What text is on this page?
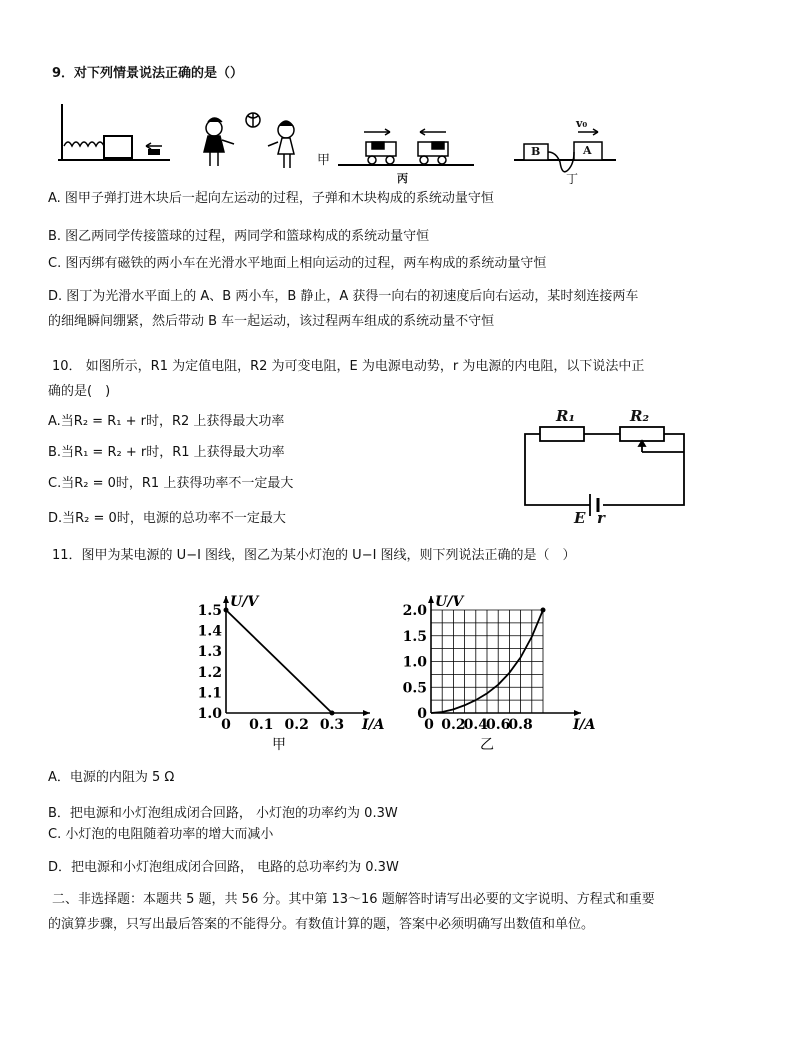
9．对下列情景说法正确的是（）
甲
丙
B	A
v₀
丁
A. 图甲子弹打进木块后一起向左运动的过程，子弹和木块构成的系统动量守恒
B. 图乙两同学传接篮球的过程，两同学和篮球构成的系统动量守恒
C. 图丙绑有磁铁的两小车在光滑水平地面上相向运动的过程，两车构成的系统动量守恒
D. 图丁为光滑水平面上的 A、B 两小车，B 静止，A 获得一向右的初速度后向右运动，某时刻连接两车
的细绳瞬间绷紧，然后带动 B 车一起运动，该过程两车组成的系统动量不守恒
10． 如图所示，R1 为定值电阻，R2 为可变电阻，E 为电源电动势，r 为电源的内电阻，以下说法中正
确的是(　)
A.当R₂ = R₁ + r时，R2 上获得最大功率
B.当R₁ = R₂ + r时，R1 上获得最大功率
C.当R₂ = 0时，R1 上获得功率不一定最大
D.当R₂ = 0时，电源的总功率不一定最大
R₁	R₂
E r
11．图甲为某电源的 U−I 图线，图乙为某小灯泡的 U−I 图线，则下列说法正确的是（　）
1.0
1.1
1.2
1.3
1.4
1.5
0 0.1 0.2 0.3 I/A
U/V
甲
0
0.5
1.0
1.5
2.0
0 0.2
0.4
0.6
0.8	I/A
U/V
乙
A．电源的内阻为 5 Ω
B．把电源和小灯泡组成闭合回路， 小灯泡的功率约为 0.3W
C. 小灯泡的电阻随着功率的增大而减小
D．把电源和小灯泡组成闭合回路， 电路的总功率约为 0.3W
二、非选择题：本题共 5 题，共 56 分。其中第 13～16 题解答时请写出必要的文字说明、方程式和重要
的演算步骤，只写出最后答案的不能得分。有数值计算的题，答案中必须明确写出数值和单位。
